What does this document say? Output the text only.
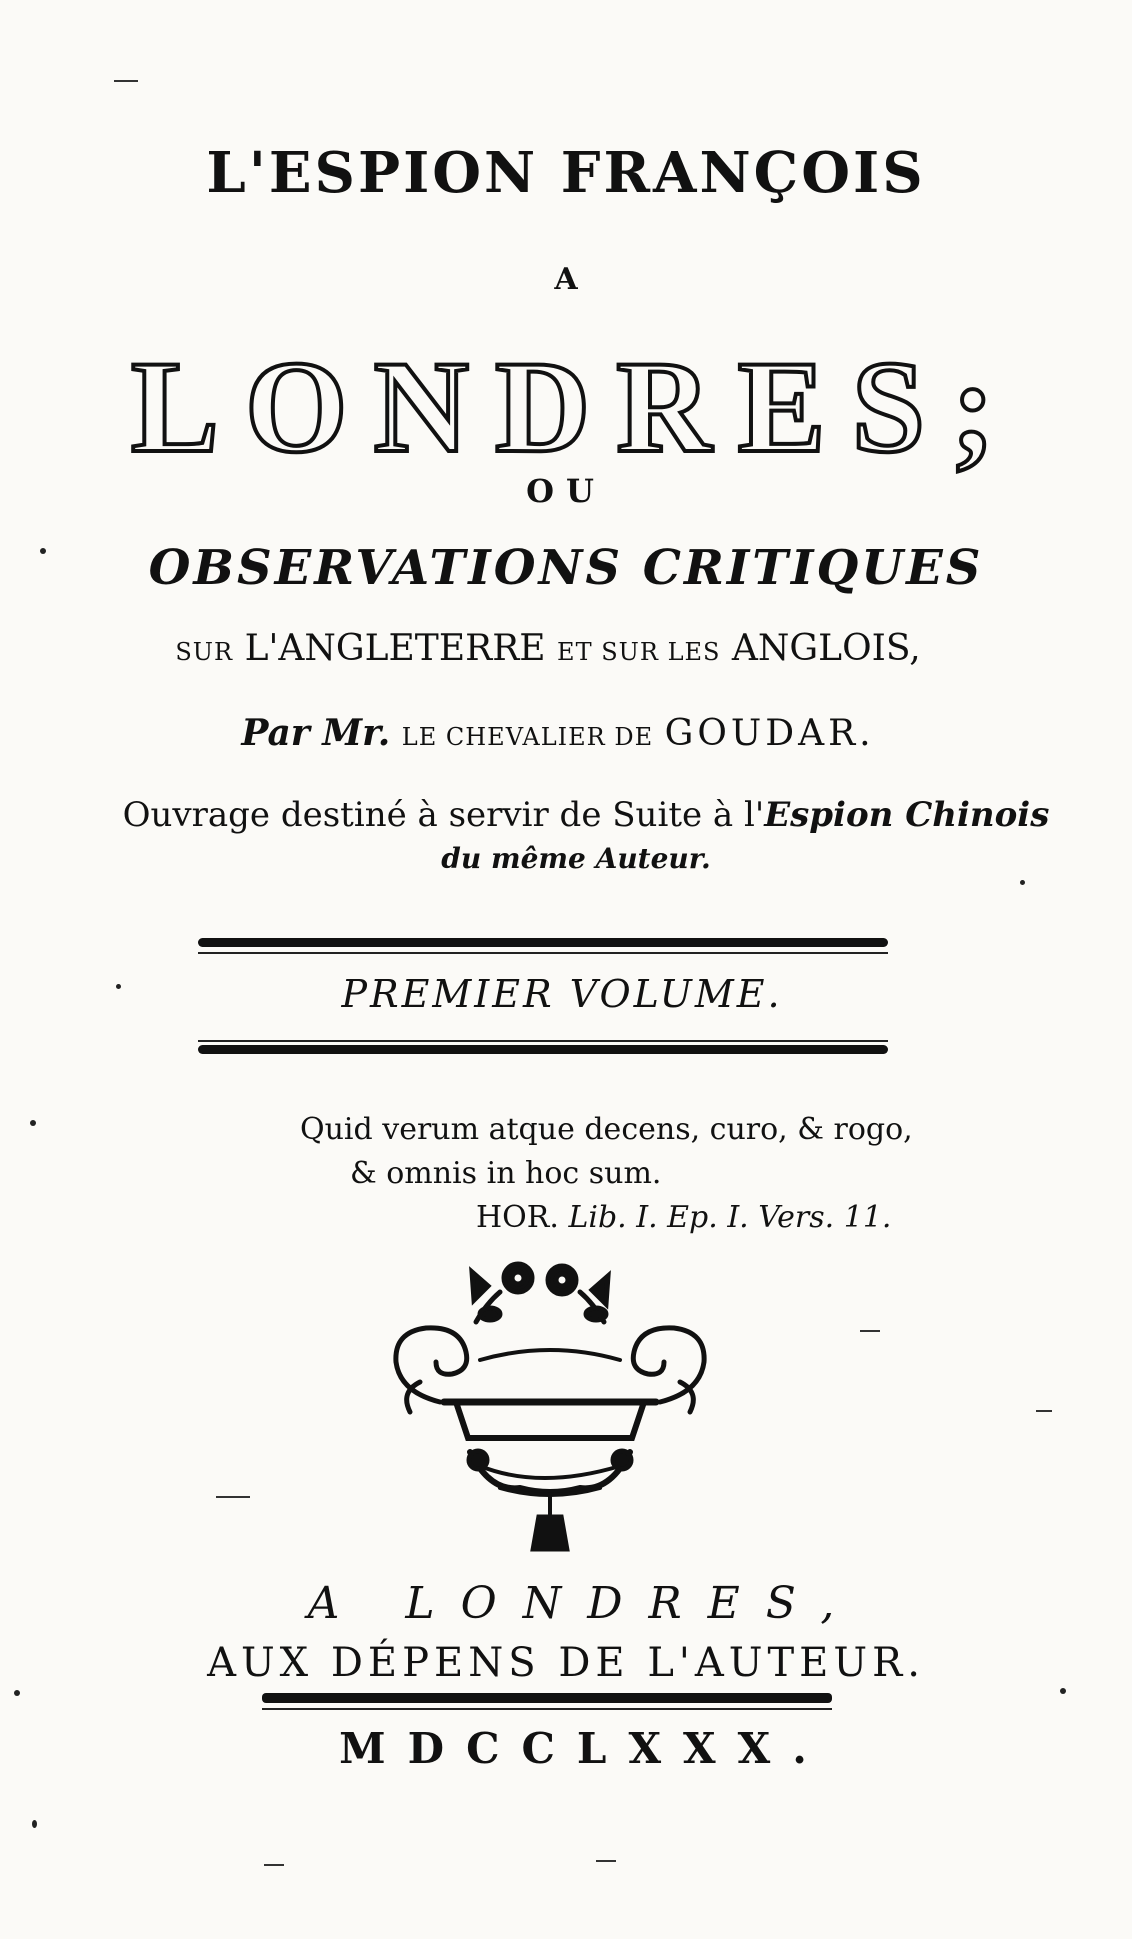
L'ESPION FRANÇOIS
A
LONDRES;
OU
OBSERVATIONS CRITIQUES
SUR L'ANGLETERRE ET SUR LES ANGLOIS,
Par Mr. LE CHEVALIER DE GOUDAR.
Ouvrage destiné à servir de Suite à l'Espion Chinois
du même Auteur.
PREMIER VOLUME.
Quid verum atque decens, curo, & rogo,
& omnis in hoc sum.
HOR. Lib. I. Ep. I. Vers. 11.
A LONDRES,
AUX DÉPENS DE L'AUTEUR.
MDCCLXXX.
